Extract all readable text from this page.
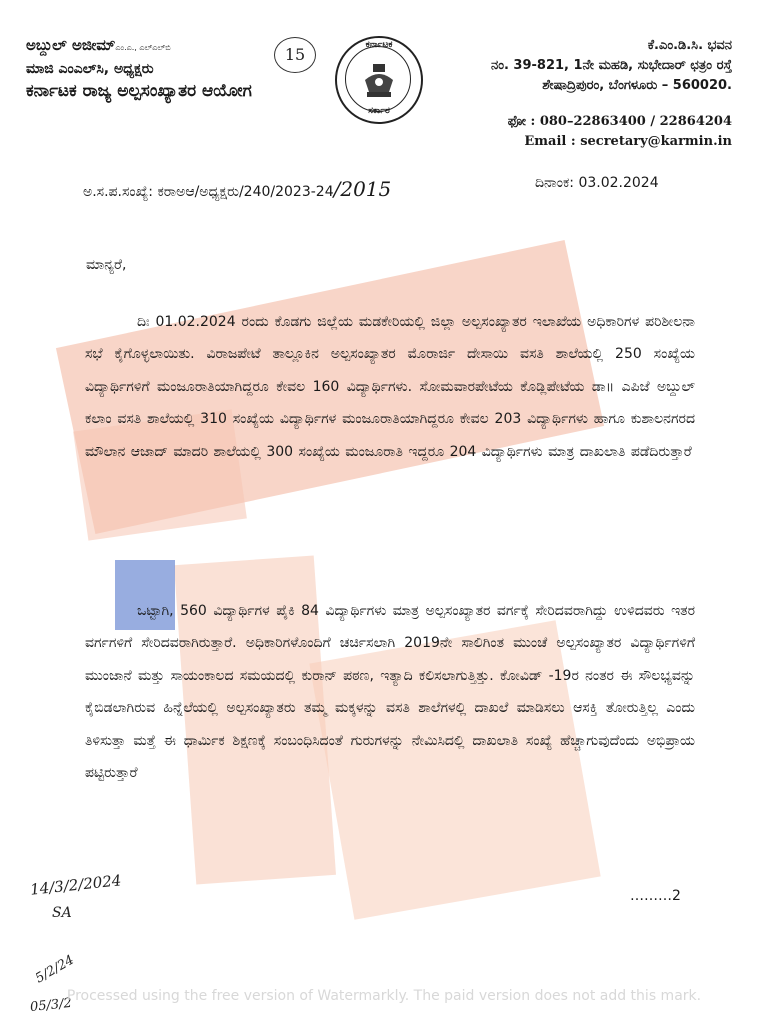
ಅಬ್ದುಲ್ ಅಜೀಮ್ಎಂ.ಎ., ಎಲ್‌ಎಲ್‌ಬಿ
ಮಾಜಿ ಎಂಎಲ್‌ಸಿ, ಅಧ್ಯಕ್ಷರು
ಕರ್ನಾಟಕ ರಾಜ್ಯ ಅಲ್ಪಸಂಖ್ಯಾತರ ಆಯೋಗ
15	ಕರ್ನಾಟಕ
ಸರ್ಕಾರ
ಕೆ.ಎಂ.ಡಿ.ಸಿ. ಭವನ
ನಂ. 39-821, 1ನೇ ಮಹಡಿ, ಸುಭೇದಾರ್ ಛತ್ರಂ ರಸ್ತೆ
ಶೇಷಾದ್ರಿಪುರಂ, ಬೆಂಗಳೂರು – 560020.
ಫೋ : 080–22863400 / 22864204
Email : secretary@karmin.in
ಅ.ಸ.ಪ.ಸಂಖ್ಯೆ: ಕರಾಅಆ/ಅಧ್ಯಕ್ಷರು/240/2023-24/2015	ದಿನಾಂಕ: 03.02.2024
ಮಾನ್ಯರೆ,
ದಿಃ 01.02.2024 ರಂದು ಕೊಡಗು ಜಿಲ್ಲೆಯ ಮಡಕೇರಿಯಲ್ಲಿ ಜಿಲ್ಲಾ ಅಲ್ಪಸಂಖ್ಯಾತರ ಇಲಾಖೆಯ ಅಧಿಕಾರಿಗಳ ಪರಿಶೀಲನಾ ಸಭೆ ಕೈಗೊಳ್ಳಲಾಯಿತು. ವಿರಾಜಪೇಟೆ ತಾಲ್ಲೂಕಿನ ಅಲ್ಪಸಂಖ್ಯಾತರ ಮೊರಾರ್ಜಿ ದೇಸಾಯಿ ವಸತಿ ಶಾಲೆಯಲ್ಲಿ 250 ಸಂಖ್ಯೆಯ ವಿದ್ಯಾರ್ಥಿಗಳಿಗೆ ಮಂಜೂರಾತಿಯಾಗಿದ್ದರೂ ಕೇವಲ 160 ವಿದ್ಯಾರ್ಥಿಗಳು. ಸೋಮವಾರಪೇಟೆಯ ಕೊಡ್ಲಿಪೇಟೆಯ ಡಾ॥ ಎಪಿಜೆ ಅಬ್ದುಲ್ ಕಲಾಂ ವಸತಿ ಶಾಲೆಯಲ್ಲಿ 310 ಸಂಖ್ಯೆಯ ವಿದ್ಯಾರ್ಥಿಗಳ ಮಂಜೂರಾತಿಯಾಗಿದ್ದರೂ ಕೇವಲ 203 ವಿದ್ಯಾರ್ಥಿಗಳು ಹಾಗೂ ಕುಶಾಲನಗರದ ಮೌಲಾನ ಆಜಾದ್ ಮಾದರಿ ಶಾಲೆಯಲ್ಲಿ 300 ಸಂಖ್ಯೆಯ ಮಂಜೂರಾತಿ ಇದ್ದರೂ 204 ವಿದ್ಯಾರ್ಥಿಗಳು ಮಾತ್ರ ದಾಖಲಾತಿ ಪಡೆದಿರುತ್ತಾರೆ
ಒಟ್ಟಾಗಿ, 560 ವಿದ್ಯಾರ್ಥಿಗಳ ಪೈಕಿ 84 ವಿದ್ಯಾರ್ಥಿಗಳು ಮಾತ್ರ ಅಲ್ಪಸಂಖ್ಯಾತರ ವರ್ಗಕ್ಕೆ ಸೇರಿದವರಾಗಿದ್ದು ಉಳಿದವರು ಇತರ ವರ್ಗಗಳಿಗೆ ಸೇರಿದವರಾಗಿರುತ್ತಾರೆ. ಅಧಿಕಾರಿಗಳೊಂದಿಗೆ ಚರ್ಚಿಸಲಾಗಿ 2019ನೇ ಸಾಲಿಗಿಂತ ಮುಂಚೆ ಅಲ್ಪಸಂಖ್ಯಾತರ ವಿದ್ಯಾರ್ಥಿಗಳಿಗೆ ಮುಂಜಾನೆ ಮತ್ತು ಸಾಯಂಕಾಲದ ಸಮಯದಲ್ಲಿ ಕುರಾನ್ ಪಠಣ, ಇತ್ಯಾದಿ ಕಲಿಸಲಾಗುತ್ತಿತ್ತು. ಕೋವಿಡ್ -19ರ ನಂತರ ಈ ಸೌಲಭ್ಯವನ್ನು ಕೈಬಿಡಲಾಗಿರುವ ಹಿನ್ನೆಲೆಯಲ್ಲಿ ಅಲ್ಪಸಂಖ್ಯಾತರು ತಮ್ಮ ಮಕ್ಕಳನ್ನು ವಸತಿ ಶಾಲೆಗಳಲ್ಲಿ ದಾಖಲೆ ಮಾಡಿಸಲು ಆಸಕ್ತಿ ತೋರುತ್ತಿಲ್ಲ ಎಂದು ತಿಳಿಸುತ್ತಾ ಮತ್ತೆ ಈ ಧಾರ್ಮಿಕ ಶಿಕ್ಷಣಕ್ಕೆ ಸಂಬಂಧಿಸಿದಂತೆ ಗುರುಗಳನ್ನು ನೇಮಿಸಿದಲ್ಲಿ ದಾಖಲಾತಿ ಸಂಖ್ಯೆ ಹೆಚ್ಚಾಗುವುದೆಂದು ಅಭಿಪ್ರಾಯ ಪಟ್ಟಿರುತ್ತಾರೆ
14/3/2/2024
SA
5/2/24
05/3/2
………2
Processed using the free version of Watermarkly. The paid version does not add this mark.
